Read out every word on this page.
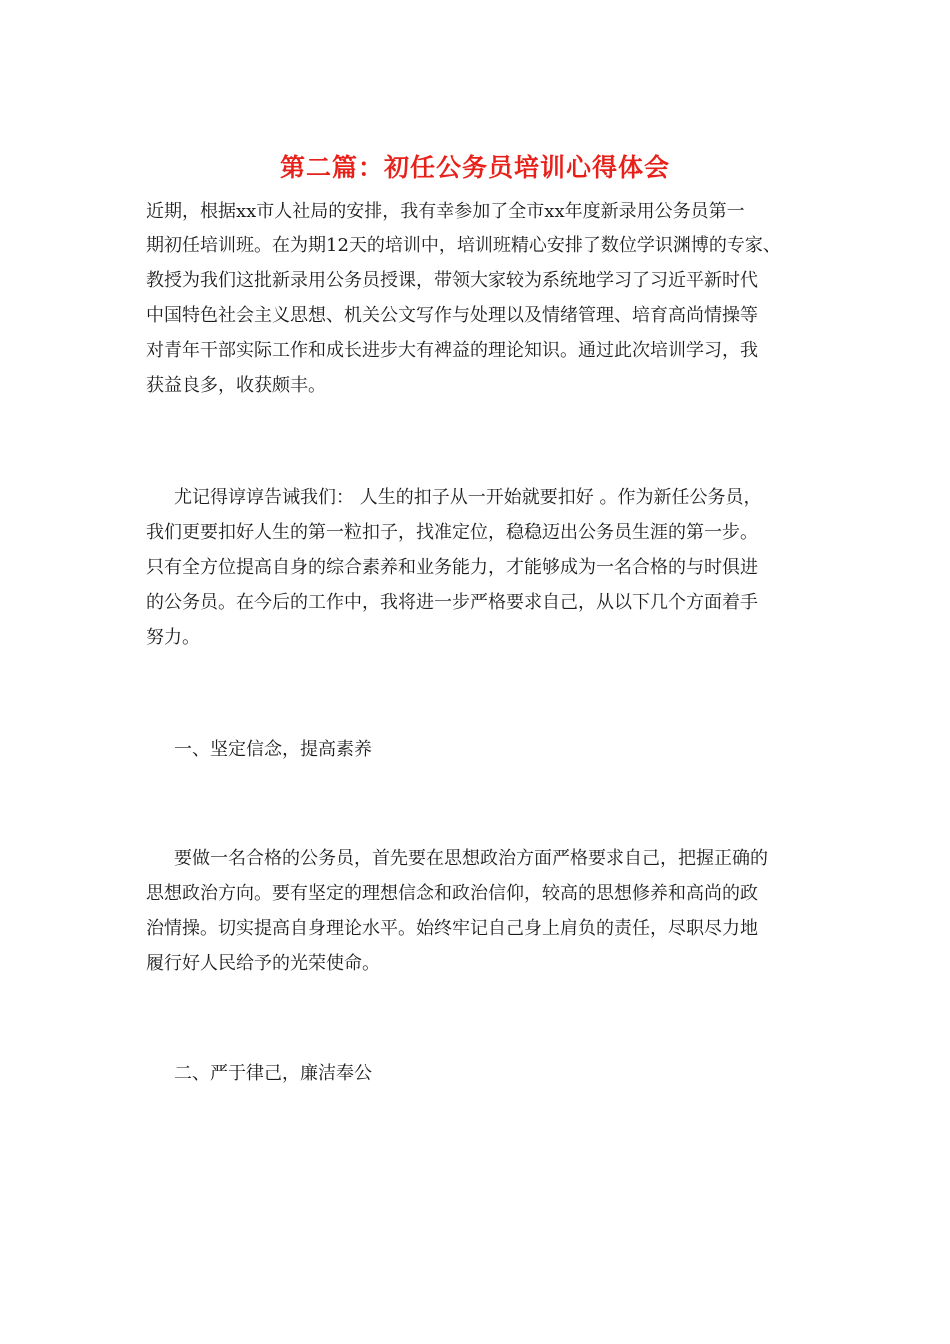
第二篇：初任公务员培训心得体会
近期，根据xx市人社局的安排，我有幸参加了全市xx年度新录用公务员第一
期初任培训班。在为期12天的培训中，培训班精心安排了数位学识渊博的专家、
教授为我们这批新录用公务员授课，带领大家较为系统地学习了习近平新时代
中国特色社会主义思想、机关公文写作与处理以及情绪管理、培育高尚情操等
对青年干部实际工作和成长进步大有裨益的理论知识。通过此次培训学习，我
获益良多，收获颇丰。
尤记得谆谆告诫我们： 人生的扣子从一开始就要扣好 。作为新任公务员，
我们更要扣好人生的第一粒扣子，找准定位，稳稳迈出公务员生涯的第一步。
只有全方位提高自身的综合素养和业务能力，才能够成为一名合格的与时俱进
的公务员。在今后的工作中，我将进一步严格要求自己，从以下几个方面着手
努力。
一、坚定信念，提高素养
要做一名合格的公务员，首先要在思想政治方面严格要求自己，把握正确的
思想政治方向。要有坚定的理想信念和政治信仰，较高的思想修养和高尚的政
治情操。切实提高自身理论水平。始终牢记自己身上肩负的责任，尽职尽力地
履行好人民给予的光荣使命。
二、严于律己，廉洁奉公
